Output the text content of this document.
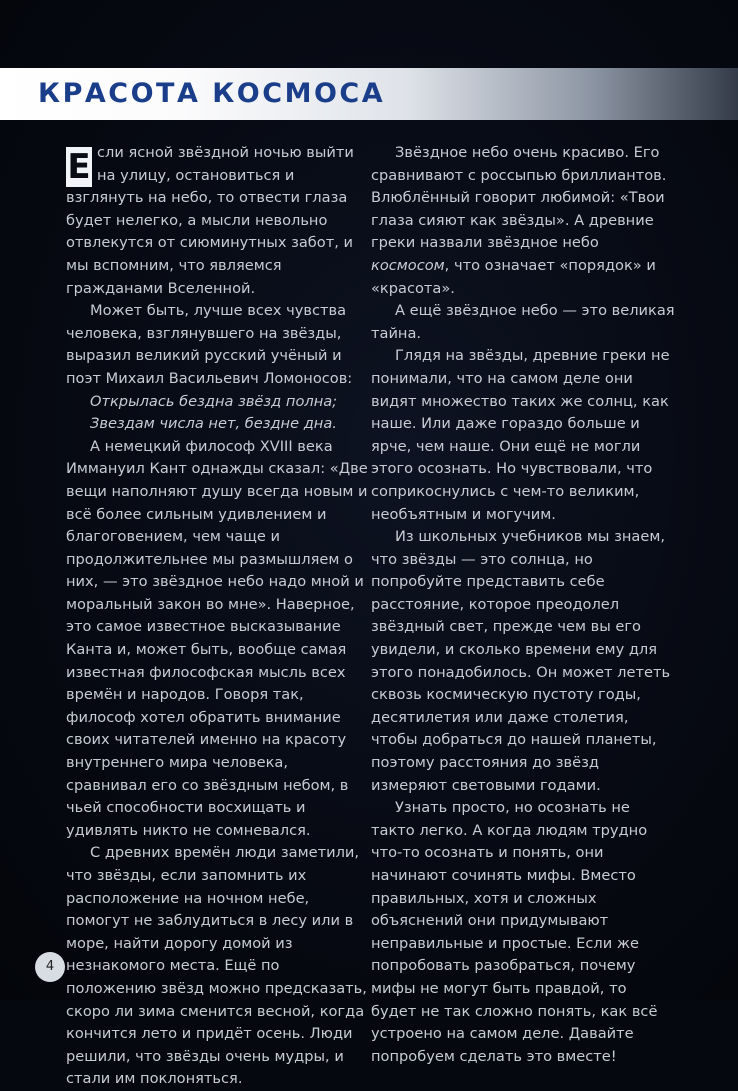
КРАСОТА КОСМОСА

Е сли ясной звёздной ночью выйти на улицу, остановиться и взглянуть на небо, то отвести глаза будет нелегко, а мысли невольно отвлекутся от сиюминутных забот, и мы вспомним, что являемся гражданами Вселенной.

Может быть, лучше всех чувства человека, взглянувшего на звёзды, выразил великий русский учёный и поэт Михаил Васильевич Ломоносов:

Открылась бездна звёзд полна;

Звездам числа нет, бездне дна.

А немецкий философ XVIII века Иммануил Кант однажды сказал: «Две вещи наполняют душу всегда новым и всё более сильным удивлением и благоговением, чем чаще и продолжительнее мы размышляем о них, — это звёздное небо надо мной и моральный закон во мне». Наверное, это самое известное высказывание Канта и, может быть, вообще самая известная философская мысль всех времён и народов. Говоря так, философ хотел обратить внимание своих читателей именно на красоту внутреннего мира человека, сравнивал его со звёздным небом, в чьей способности восхищать и удивлять никто не сомневался.

С древних времён люди заметили, что звёзды, если запомнить их расположение на ночном небе, помогут не заблудиться в лесу или в море, найти дорогу домой из незнакомого места. Ещё по положению звёзд можно предсказать, скоро ли зима сменится весной, когда кончится лето и придёт осень. Люди решили, что звёзды очень мудры, и стали им поклоняться.

Звёздное небо очень красиво. Его сравнивают с россыпью бриллиантов. Влюблённый говорит любимой: «Твои глаза сияют как звёзды». А древние греки назвали звёздное небо космосом, что означает «порядок» и «красота».

А ещё звёздное небо — это великая тайна.

Глядя на звёзды, древние греки не понимали, что на самом деле они видят множество таких же солнц, как наше. Или даже гораздо больше и ярче, чем наше. Они ещё не могли этого осознать. Но чувствовали, что соприкоснулись с чем-то великим, необъятным и могучим.

Из школьных учебников мы знаем, что звёзды — это солнца, но попробуйте представить себе расстояние, которое преодолел звёздный свет, прежде чем вы его увидели, и сколько времени ему для этого понадобилось. Он может лететь сквозь космическую пустоту годы, десятилетия или даже столетия, чтобы добраться до нашей планеты, поэтому расстояния до звёзд измеряют световыми годами.

Узнать просто, но осознать не такто легко. А когда людям трудно что-то осознать и понять, они начинают сочинять мифы. Вместо правильных, хотя и сложных объяснений они придумывают неправильные и простые. Если же попробовать разобраться, почему мифы не могут быть правдой, то будет не так сложно понять, как всё устроено на самом деле. Давайте попробуем сделать это вместе!

4
